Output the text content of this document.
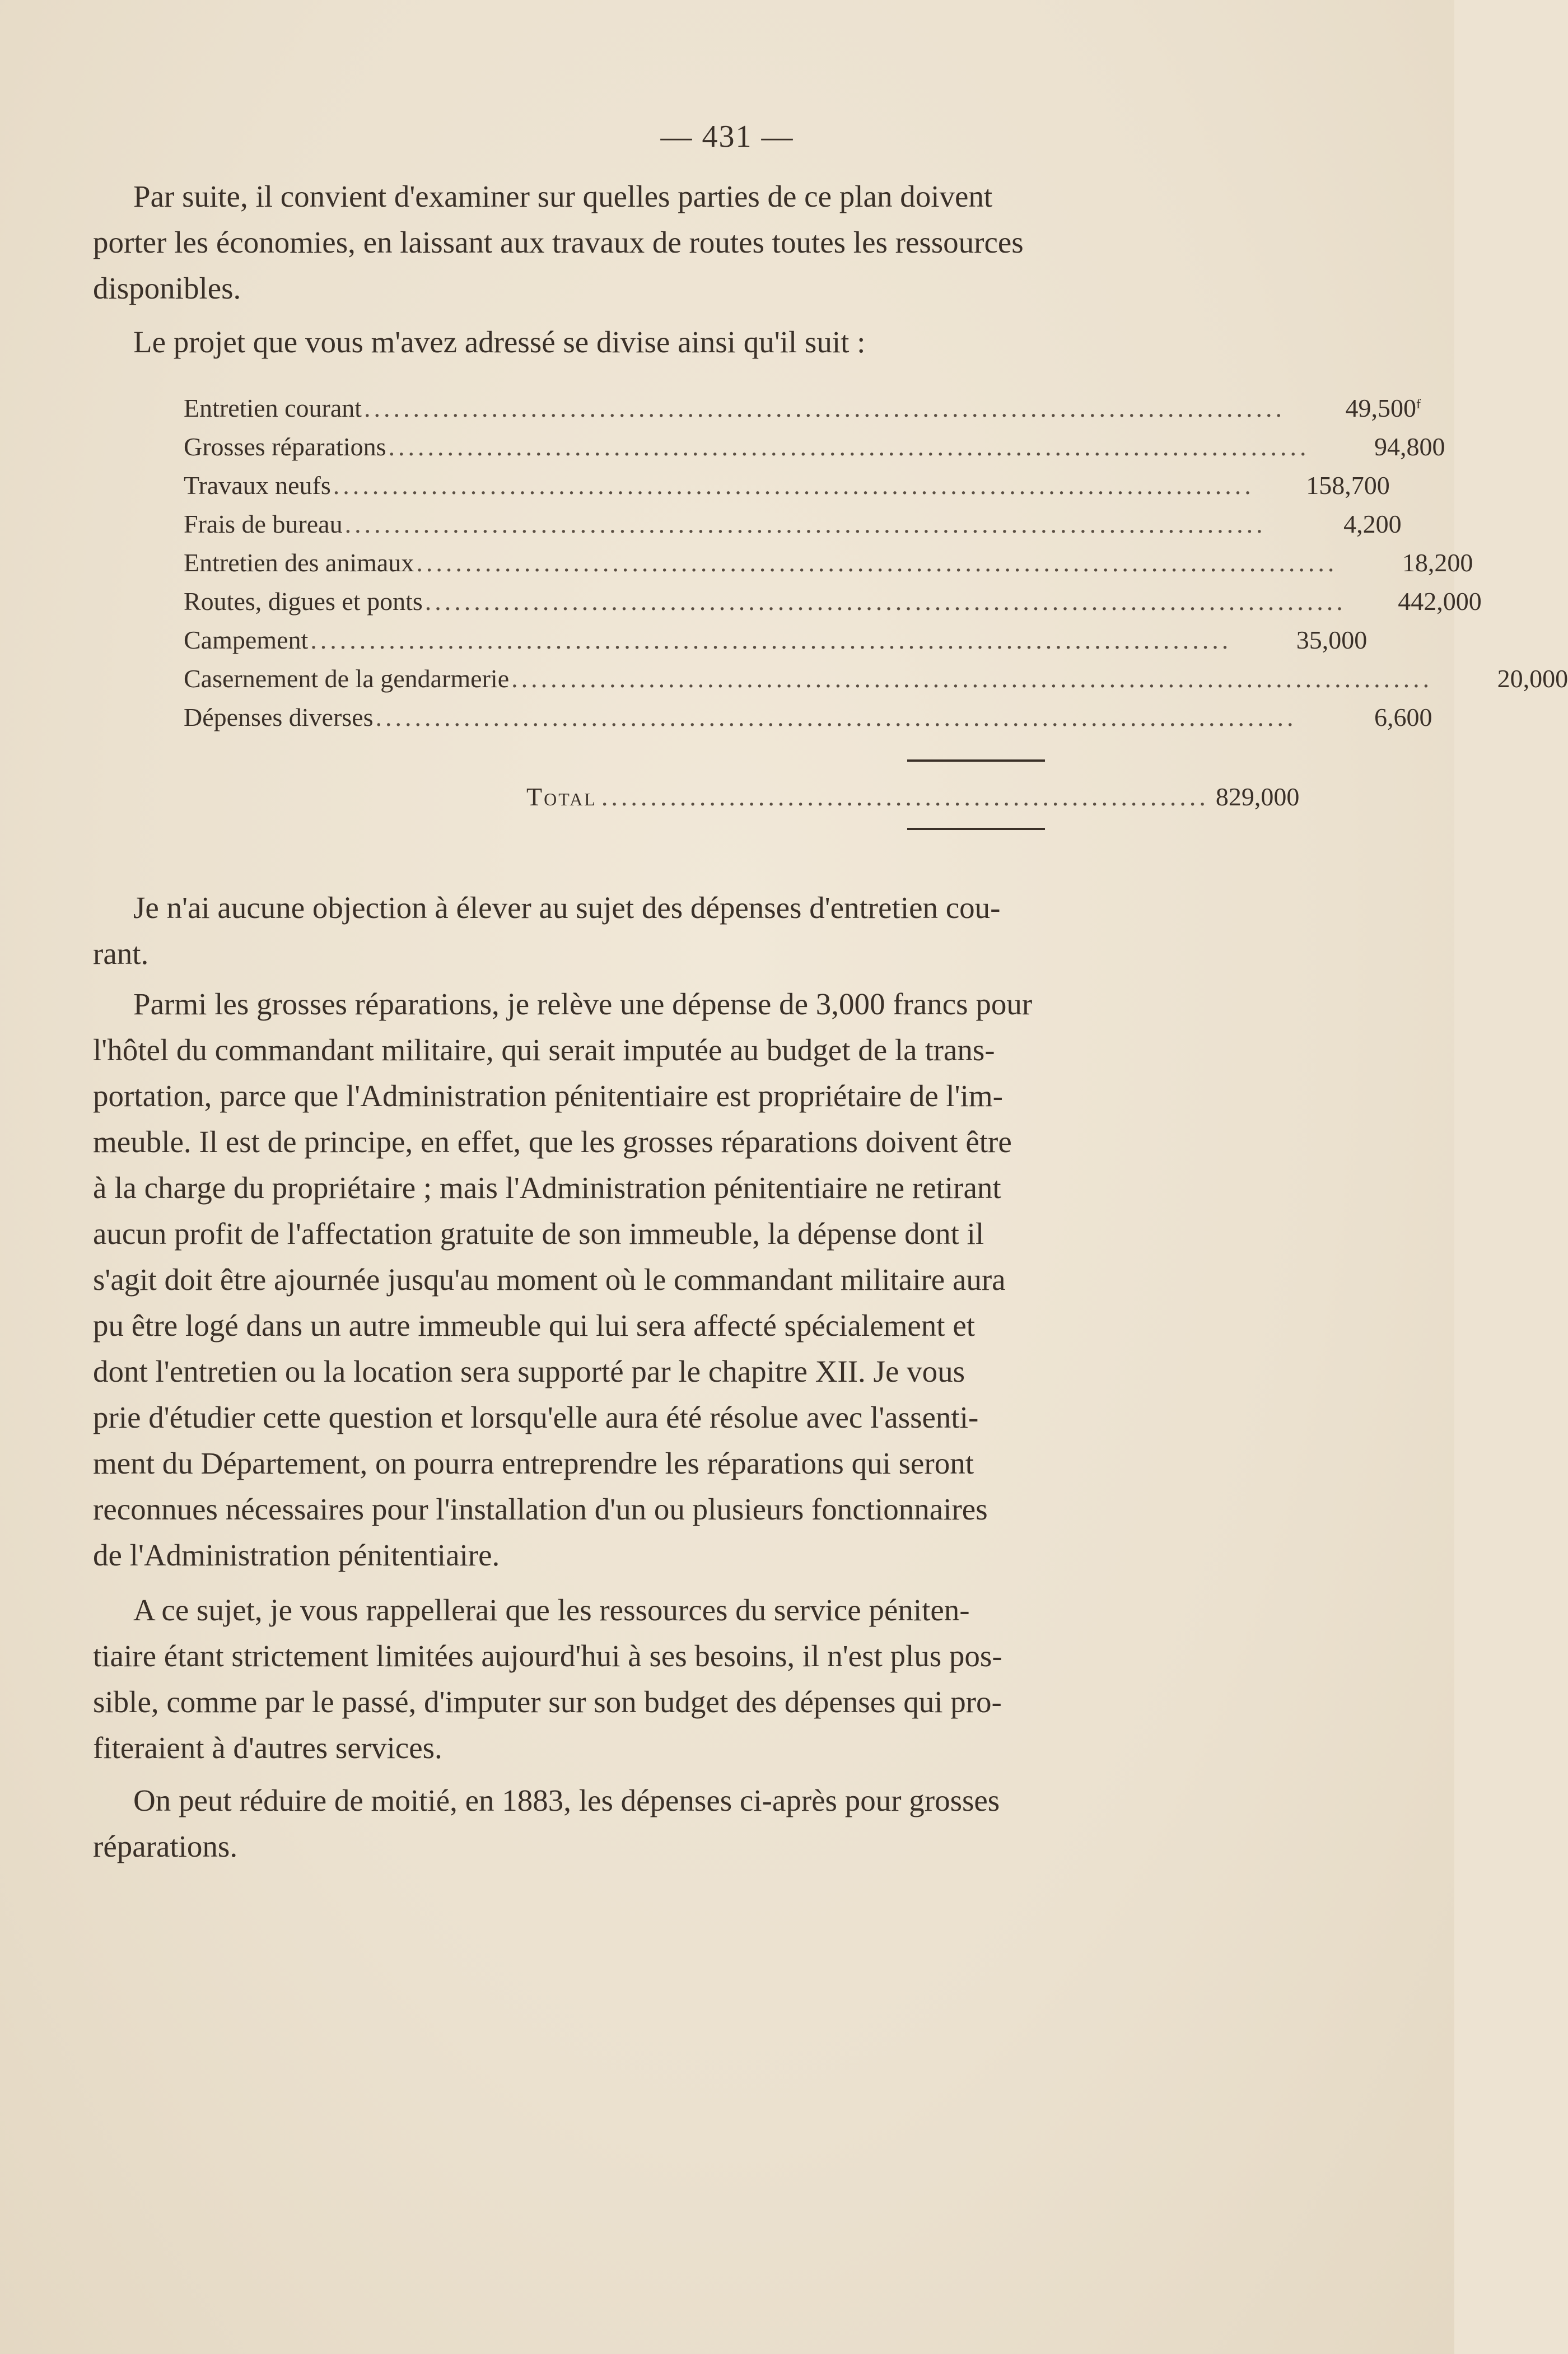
— 431 —
Par suite, il convient d'examiner sur quelles parties de ce plan doivent
porter les économies, en laissant aux travaux de routes toutes les ressources
disponibles.
Le projet que vous m'avez adressé se divise ainsi qu'il suit :
Entretien courant ..............................................................................................	49,500$^f$
Grosses réparations ..............................................................................................	94,800
Travaux neufs ..............................................................................................	158,700
Frais de bureau ..............................................................................................	4,200
Entretien des animaux ..............................................................................................	18,200
Routes, digues et ponts ..............................................................................................	442,000
Campement ..............................................................................................	35,000
Casernement de la gendarmerie ..............................................................................................	20,000
Dépenses diverses ..............................................................................................	6,600
Total .............................................................. 829,000
Je n'ai aucune objection à élever au sujet des dépenses d'entretien cou-
rant.
Parmi les grosses réparations, je relève une dépense de 3,000 francs pour
l'hôtel du commandant militaire, qui serait imputée au budget de la trans-
portation, parce que l'Administration pénitentiaire est propriétaire de l'im-
meuble. Il est de principe, en effet, que les grosses réparations doivent être
à la charge du propriétaire ; mais l'Administration pénitentiaire ne retirant
aucun profit de l'affectation gratuite de son immeuble, la dépense dont il
s'agit doit être ajournée jusqu'au moment où le commandant militaire aura
pu être logé dans un autre immeuble qui lui sera affecté spécialement et
dont l'entretien ou la location sera supporté par le chapitre XII. Je vous
prie d'étudier cette question et lorsqu'elle aura été résolue avec l'assenti-
ment du Département, on pourra entreprendre les réparations qui seront
reconnues nécessaires pour l'installation d'un ou plusieurs fonctionnaires
de l'Administration pénitentiaire.
A ce sujet, je vous rappellerai que les ressources du service péniten-
tiaire étant strictement limitées aujourd'hui à ses besoins, il n'est plus pos-
sible, comme par le passé, d'imputer sur son budget des dépenses qui pro-
fiteraient à d'autres services.
On peut réduire de moitié, en 1883, les dépenses ci-après pour grosses
réparations.
